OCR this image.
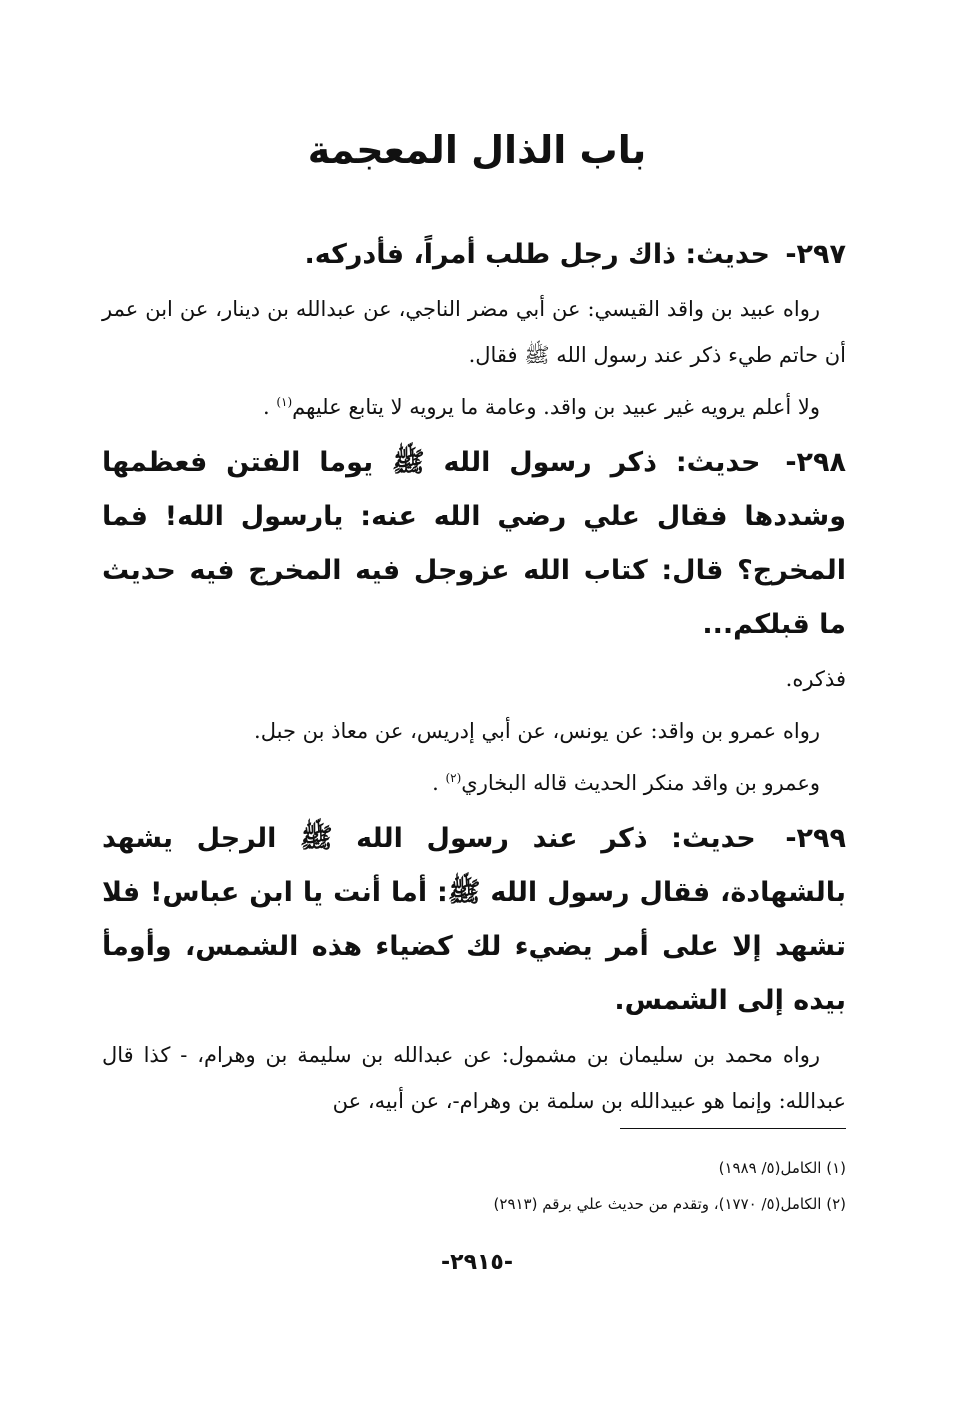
باب الذال المعجمة

٢٩٧- حديث: ذاك رجل طلب أمراً، فأدركه.

رواه عبيد بن واقد القيسي: عن أبي مضر الناجي، عن عبدالله بن دينار، عن ابن عمر أن حاتم طيء ذكر عند رسول الله ﷺ فقال.

ولا أعلم يرويه غير عبيد بن واقد. وعامة ما يرويه لا يتابع عليهم$^{(١)}$ .

٢٩٨- حديث: ذكر رسول الله ﷺ يوما الفتن فعظمها وشددها فقال علي رضي الله عنه: يارسول الله! فما المخرج؟ قال: كتاب الله عزوجل فيه المخرج فيه حديث ما قبلكم...

فذكره.

رواه عمرو بن واقد: عن يونس، عن أبي إدريس، عن معاذ بن جبل.

وعمرو بن واقد منكر الحديث قاله البخاري$^{(٢)}$ .

٢٩٩- حديث: ذكر عند رسول الله ﷺ الرجل يشهد بالشهادة، فقال رسول الله ﷺ: أما أنت يا ابن عباس! فلا تشهد إلا على أمر يضيء لك كضياء هذه الشمس، وأومأ بيده إلى الشمس.

رواه محمد بن سليمان بن مشمول: عن عبدالله بن سليمة بن وهرام، - كذا قال عبدالله: وإنما هو عبيدالله بن سلمة بن وهرام-، عن أبيه، عن

(١) الكامل(٥/ ١٩٨٩)

(٢) الكامل(٥/ ١٧٧٠)، وتقدم من حديث علي برقم (٢٩١٣)

-٢٩١٥-
